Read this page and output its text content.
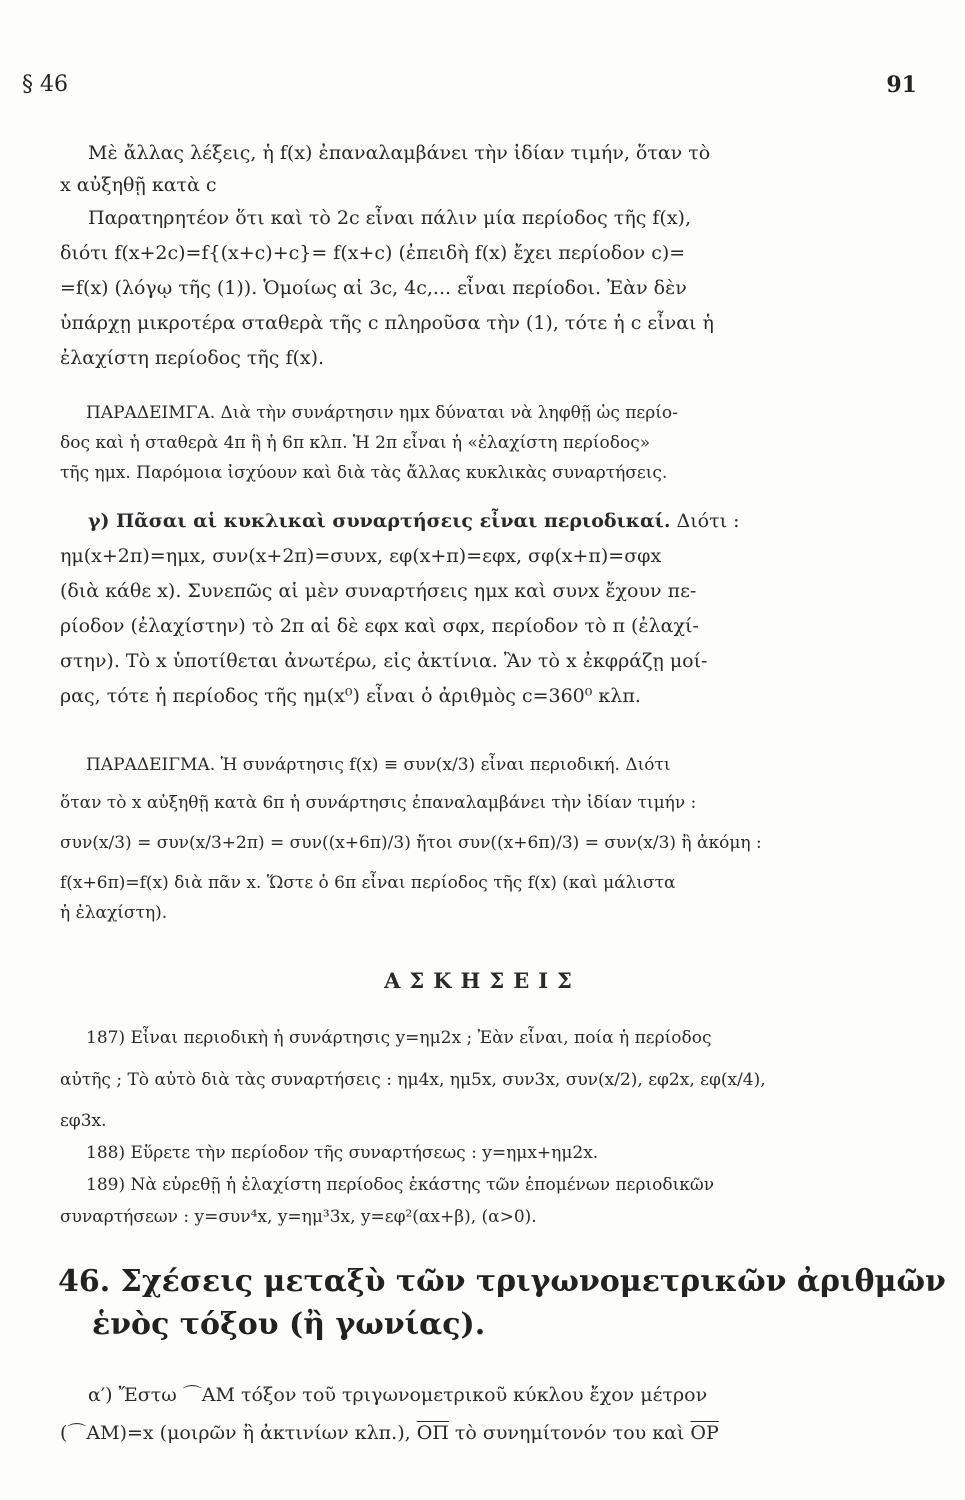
§ 46	91
Μὲ ἄλλας λέξεις, ἡ f(x) ἐπαναλαμβάνει τὴν ἰδίαν τιμήν, ὅταν τὸ
x αὐξηθῇ κατὰ c
Παρατηρητέον ὅτι καὶ τὸ 2c εἶναι πάλιν μία περίοδος τῆς f(x),
διότι f(x+2c)=f{(x+c)+c}= f(x+c) (ἐπειδὴ f(x) ἔχει περίοδον c)=
=f(x) (λόγῳ τῆς (1)). Ὁμοίως αἱ 3c, 4c,... εἶναι περίοδοι. Ἐὰν δὲν
ὑπάρχῃ μικροτέρα σταθερὰ τῆς c πληροῦσα τὴν (1), τότε ἡ c εἶναι ἡ
ἐλαχίστη περίοδος τῆς f(x).
ΠΑΡΑΔΕΙΜΓΑ. Διὰ τὴν συνάρτησιν ημx δύναται νὰ ληφθῇ ὡς περίο-
δος καὶ ἡ σταθερὰ 4π ἢ ἡ 6π κλπ. Ἡ 2π εἶναι ἡ «ἐλαχίστη περίοδος»
τῆς ημx. Παρόμοια ἰσχύουν καὶ διὰ τὰς ἄλλας κυκλικὰς συναρτήσεις.
γ) Πᾶσαι αἱ κυκλικαὶ συναρτήσεις εἶναι περιοδικαί. Διότι :
ημ(x+2π)=ημx, συν(x+2π)=συνx, εφ(x+π)=εφx, σφ(x+π)=σφx
(διὰ κάθε x). Συνεπῶς αἱ μὲν συναρτήσεις ημx καὶ συνx ἔχουν πε-
ρίοδον (ἐλαχίστην) τὸ 2π αἱ δὲ εφx καὶ σφx, περίοδον τὸ π (ἐλαχί-
στην). Τὸ x ὑποτίθεται ἀνωτέρω, εἰς ἀκτίνια. Ἂν τὸ x ἐκφράζῃ μοί-
ρας, τότε ἡ περίοδος τῆς ημ(x⁰) εἶναι ὁ ἀριθμὸς c=360⁰ κλπ.
ΠΑΡΑΔΕΙΓΜΑ. Ἡ συνάρτησις f(x) ≡ συν(x/3) εἶναι περιοδική. Διότι
ὅταν τὸ x αὐξηθῇ κατὰ 6π ἡ συνάρτησις ἐπαναλαμβάνει τὴν ἰδίαν τιμήν :
συν(x/3) = συν(x/3+2π) = συν((x+6π)/3) ἤτοι συν((x+6π)/3) = συν(x/3) ἢ ἀκόμη :
f(x+6π)=f(x) διὰ πᾶν x. Ὥστε ὁ 6π εἶναι περίοδος τῆς f(x) (καὶ μάλιστα
ἡ ἐλαχίστη).
ΑΣΚΗΣΕΙΣ
187) Εἶναι περιοδικὴ ἡ συνάρτησις y=ημ2x ; Ἐὰν εἶναι, ποία ἡ περίοδος
αὐτῆς ; Τὸ αὐτὸ διὰ τὰς συναρτήσεις : ημ4x, ημ5x, συν3x, συν(x/2), εφ2x, εφ(x/4),
εφ3x.
188) Εὕρετε τὴν περίοδον τῆς συναρτήσεως : y=ημx+ημ2x.
189) Νὰ εὑρεθῇ ἡ ἐλαχίστη περίοδος ἑκάστης τῶν ἑπομένων περιοδικῶν
συναρτήσεων : y=συν⁴x, y=ημ³3x, y=εφ²(αx+β), (α>0).
46. Σχέσεις μεταξὺ τῶν τριγωνομετρικῶν ἀριθμῶν
ἑνὸς τόξου (ἢ γωνίας).
α′) Ἔστω ⌒AM τόξον τοῦ τριγωνομετρικοῦ κύκλου ἔχον μέτρον
(⌒AM)=x (μοιρῶν ἢ ἀκτινίων κλπ.), $\overline{O\Pi}$ τὸ συνημίτονόν του καὶ $\overline{OP}$
